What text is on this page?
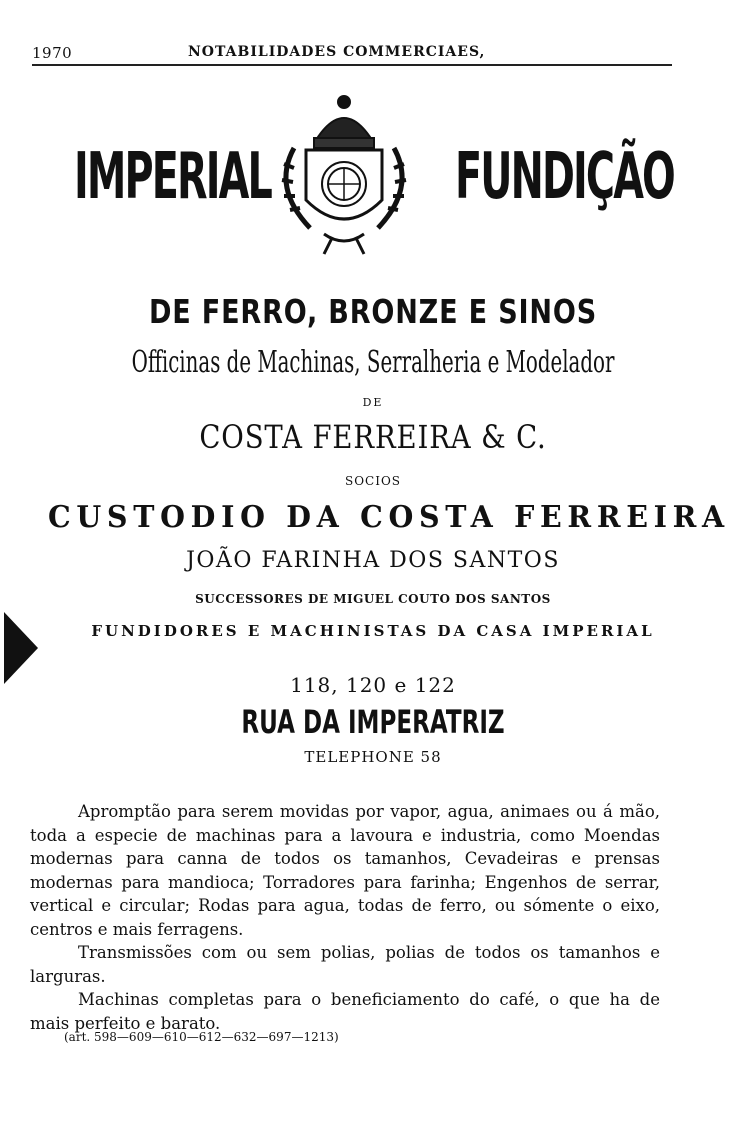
1970	NOTABILIDADES COMMERCIAES,
IMPERIAL	FUNDIÇÃO
DE FERRO, BRONZE E SINOS
Officinas de Machinas, Serralheria e Modelador
DE
COSTA FERREIRA & C.
SOCIOS
CUSTODIO DA COSTA FERREIRA
JOÃO FARINHA DOS SANTOS
SUCCESSORES DE MIGUEL COUTO DOS SANTOS
FUNDIDORES E MACHINISTAS DA CASA IMPERIAL
118, 120 e 122
RUA DA IMPERATRIZ
TELEPHONE 58

Apromptão para serem movidas por vapor, agua, animaes ou á mão, toda a especie de machinas para a lavoura e industria, como Moendas modernas para canna de todos os tamanhos, Cevadeiras e prensas modernas para mandioca; Torradores para farinha; Engenhos de serrar, vertical e circular; Rodas para agua, todas de ferro, ou sómente o eixo, centros e mais ferragens.

Transmissões com ou sem polias, polias de todos os tamanhos e larguras.

Machinas completas para o beneficiamento do café, o que ha de mais perfeito e barato.

(art. 598—609—610—612—632—697—1213)
